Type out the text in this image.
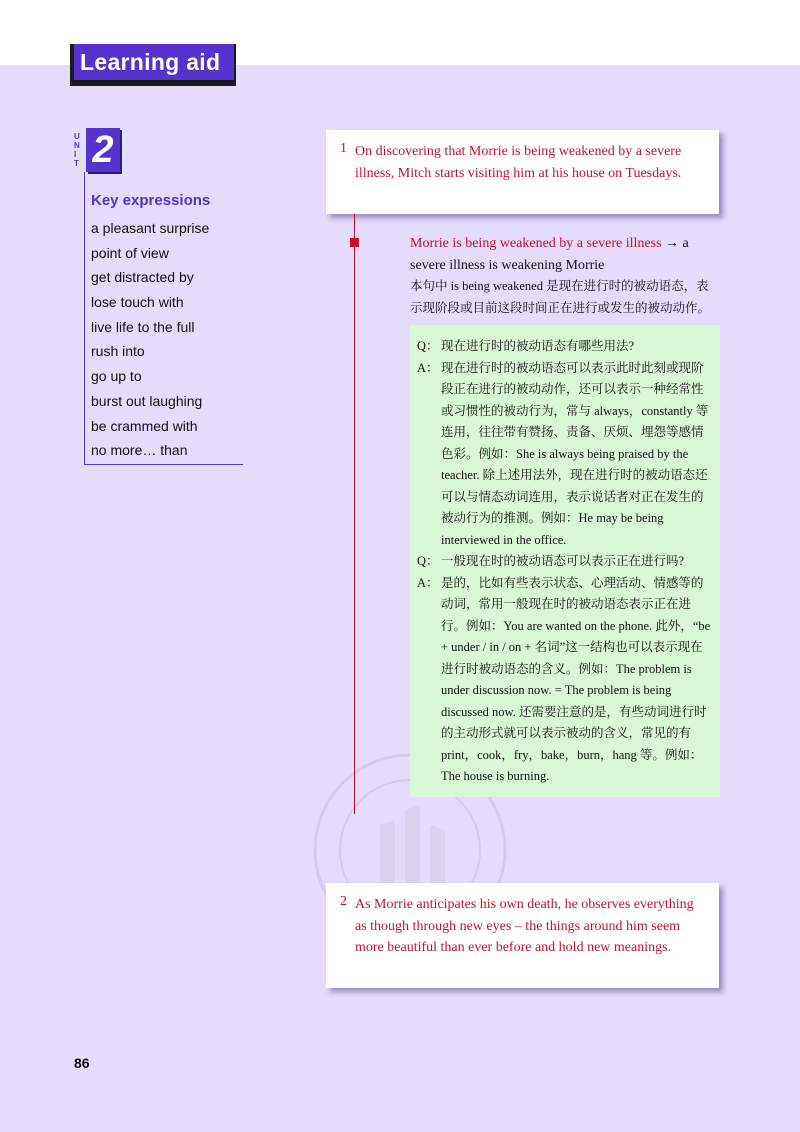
Learning aid
U
N
I
T 2
Key expressions
a pleasant surprise
point of view
get distracted by
lose touch with
live life to the full
rush into
go up to
burst out laughing
be crammed with
no more… than
1 On discovering that Morrie is being weakened by a severe illness, Mitch starts visiting him at his house on Tuesdays.

Morrie is being weakened by a severe illness → a severe illness is weakening Morrie
本句中 is being weakened 是现在进行时的被动语态，表示现阶段或目前这段时间正在进行或发生的被动动作。
Q： 现在进行时的被动语态有哪些用法?

现在进行时的被动语态可以表示此时此刻或现阶段正在进行的被动动作，还可以表示一种经常性或习惯性的被动行为，常与 always，constantly 等连用，往往带有赞扬、责备、厌烦、埋怨等感情色彩。例如：She is always being praised by the teacher. 除上述用法外，现在进行时的被动语态还可以与情态动词连用，表示说话者对正在发生的被动行为的推测。例如：He may be being interviewed in the office.

一般现在时的被动语态可以表示正在进行吗?

是的，比如有些表示状态、心理活动、情感等的动词，常用一般现在时的被动语态表示正在进行。例如：You are wanted on the phone. 此外，“be + under / in / on + 名词”这一结构也可以表示现在进行时被动语态的含义。例如：The problem is under discussion now. = The problem is being discussed now. 还需要注意的是，有些动词进行时的主动形式就可以表示被动的含义，常见的有 print，cook，fry，bake，burn，hang 等。例如：The house is burning.

A：
Q：
A：
2 As Morrie anticipates his own death, he observes everything as though through new eyes – the things around him seem more beautiful than ever before and hold new meanings.

86
